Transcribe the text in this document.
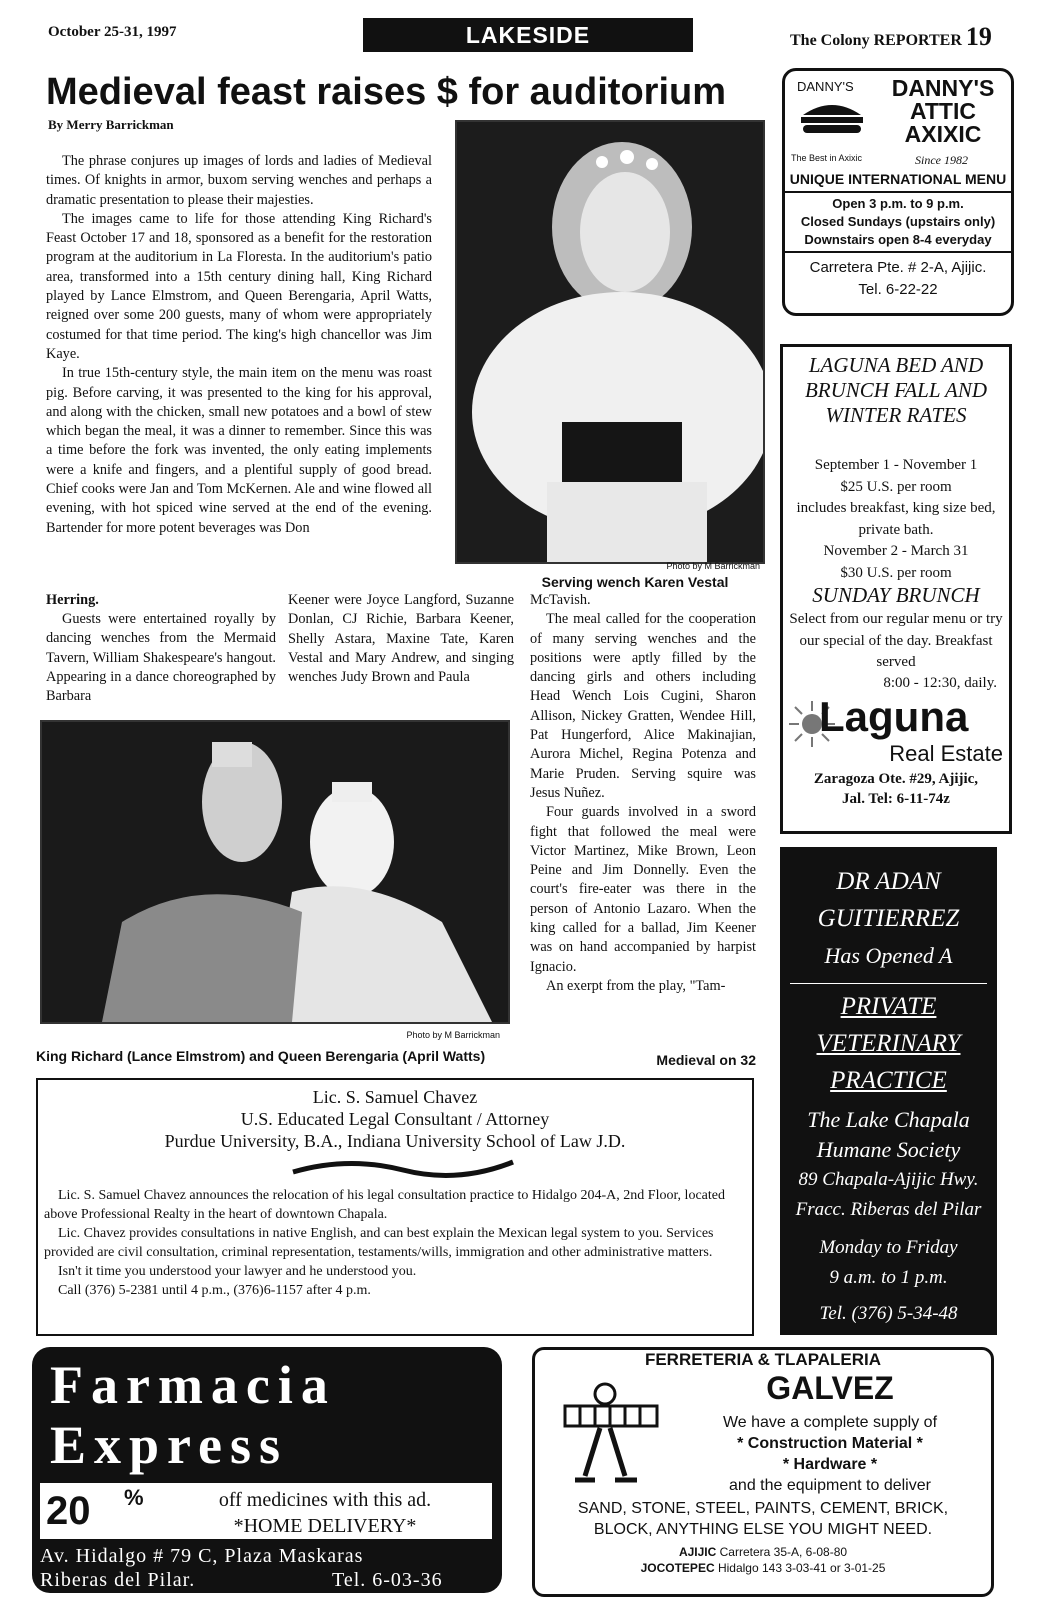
October 25-31, 1997	LAKESIDE	The Colony REPORTER 19
Medieval feast raises $ for auditorium
By Merry Barrickman

The phrase conjures up images of lords and ladies of Medieval times. Of knights in armor, buxom serving wenches and perhaps a dramatic presentation to please their majesties.

The images came to life for those attending King Richard's Feast October 17 and 18, sponsored as a benefit for the restoration program at the auditorium in La Floresta. In the auditorium's patio area, transformed into a 15th century dining hall, King Richard played by Lance Elmstrom, and Queen Berengaria, April Watts, reigned over some 200 guests, many of whom were appropriately costumed for that time period. The king's high chancellor was Jim Kaye.

In true 15th-century style, the main item on the menu was roast pig. Before carving, it was presented to the king for his approval, and along with the chicken, small new potatoes and a bowl of stew which began the meal, it was a dinner to remember. Since this was a time before the fork was invented, the only eating implements were a knife and fingers, and a plentiful supply of good bread. Chief cooks were Jan and Tom McKernen. Ale and wine flowed all evening, with hot spiced wine served at the end of the evening. Bartender for more potent beverages was Don

Photo by M Barrickman
Serving wench Karen Vestal

Herring.

Guests were entertained royally by dancing wenches from the Mermaid Tavern, William Shakespeare's hangout. Appearing in a dance choreographed by Barbara

Keener were Joyce Langford, Suzanne Donlan, CJ Richie, Barbara Keener, Shelly Astara, Maxine Tate, Karen Vestal and Mary Andrew, and singing wenches Judy Brown and Paula

Photo by M Barrickman
King Richard (Lance Elmstrom) and Queen Berengaria (April Watts)

McTavish.

The meal called for the cooperation of many serving wenches and the positions were aptly filled by the dancing girls and others including Head Wench Lois Cugini, Sharon Allison, Nickey Gratten, Wendee Hill, Pat Hungerford, Alice Makinajian, Aurora Michel, Regina Potenza and Marie Pruden. Serving squire was Jesus Nuñez.

Four guards involved in a sword fight that followed the meal were Victor Martinez, Mike Brown, Leon Peine and Jim Donnelly. Even the court's fire-eater was there in the person of Antonio Lazaro. When the king called for a ballad, Jim Keener was on hand accompanied by harpist Ignacio.

An exerpt from the play, "Tam-

Medieval on 32
DANNY'S	DANNY'S
ATTIC
AXIXIC
The Best in Axixic	Since 1982
UNIQUE INTERNATIONAL MENU
Open 3 p.m. to 9 p.m.
Closed Sundays (upstairs only)
Downstairs open 8-4 everyday
Carretera Pte. # 2-A, Ajijic.
Tel. 6-22-22
LAGUNA BED AND BRUNCH FALL AND WINTER RATES
September 1 - November 1
$25 U.S. per room
includes breakfast, king size bed, private bath.
November 2 - March 31
$30 U.S. per room
SUNDAY BRUNCH
Select from our regular menu or try our special of the day. Breakfast served
8:00 - 12:30, daily.
Laguna
Real Estate
Zaragoza Ote. #29, Ajijic,
Jal. Tel: 6-11-74z
DR ADAN
GUITIERREZ
Has Opened A
PRIVATE
VETERINARY
PRACTICE
The Lake Chapala
Humane Society
89 Chapala-Ajijic Hwy.
Fracc. Riberas del Pilar
Monday to Friday
9 a.m. to 1 p.m.
Tel. (376) 5-34-48
Lic. S. Samuel Chavez
U.S. Educated Legal Consultant / Attorney
Purdue University, B.A., Indiana University School of Law J.D.
Lic. S. Samuel Chavez announces the relocation of his legal consultation practice to Hidalgo 204-A, 2nd Floor, located above Professional Realty in the heart of downtown Chapala.
Lic. Chavez provides consultations in native English, and can best explain the Mexican legal system to you. Services provided are civil consultation, criminal representation, testaments/wills, immigration and other administrative matters.
Isn't it time you understood your lawyer and he understood you.
Call (376) 5-2381 until 4 p.m., (376)6-1157 after 4 p.m.
Farmacia
Express
20 %	off medicines with this ad.
*HOME DELIVERY*
Av. Hidalgo # 79 C, Plaza Maskaras
Riberas del Pilar.	Tel. 6-03-36
FERRETERIA & TLAPALERIA
GALVEZ
We have a complete supply of
* Construction Material *
* Hardware *
and the equipment to deliver
SAND, STONE, STEEL, PAINTS, CEMENT, BRICK,
BLOCK, ANYTHING ELSE YOU MIGHT NEED.
AJIJIC Carretera 35-A, 6-08-80
JOCOTEPEC Hidalgo 143 3-03-41 or 3-01-25
